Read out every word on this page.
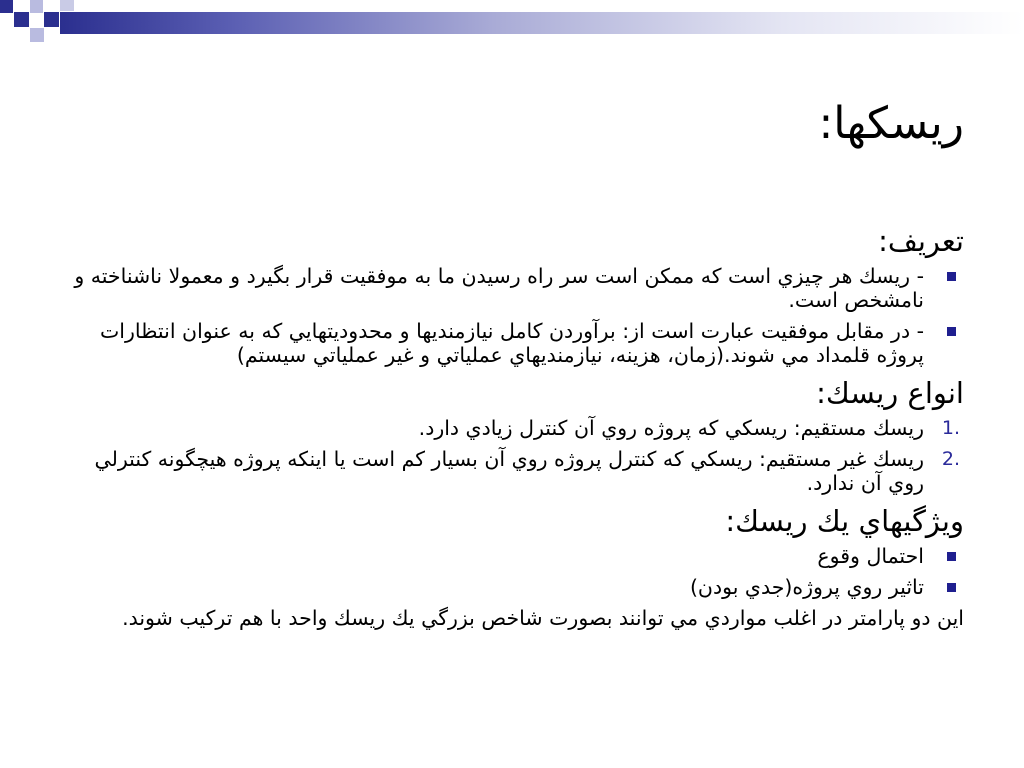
ريسكها:
تعريف:
- ريسك هر چيزي است كه ممكن است سر راه رسيدن ما به موفقيت قرار بگيرد و معمولا ناشناخته و نامشخص است.
- در مقابل موفقيت عبارت است از: برآوردن كامل نيازمنديها و محدوديتهايي كه به عنوان انتظارات پروژه قلمداد مي شوند.(زمان، هزينه، نيازمنديهاي عملياتي و غير عملياتي سيستم)
انواع ريسك:
1.
ريسك مستقيم: ريسكي كه پروژه روي آن كنترل زيادي دارد.
2.
ريسك غير مستقيم: ريسكي كه كنترل پروژه روي آن بسيار كم است يا اينكه پروژه هيچگونه كنترلي روي آن ندارد.
ويژگيهاي يك ريسك:
احتمال وقوع
تاثير روي پروژه(جدي بودن)

اين دو پارامتر در اغلب مواردي مي توانند بصورت شاخص بزرگي يك ريسك واحد با هم تركيب شوند.
